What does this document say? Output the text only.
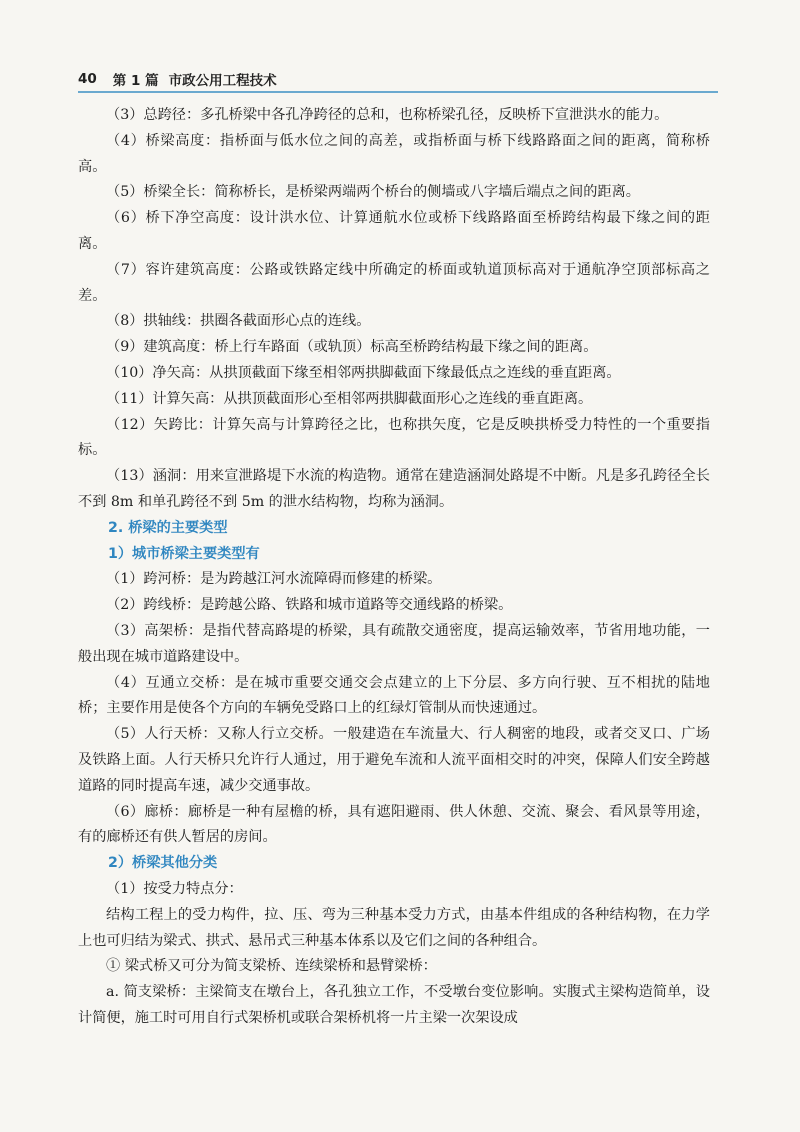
40 第 1 篇 市政公用工程技术

（3）总跨径：多孔桥梁中各孔净跨径的总和，也称桥梁孔径，反映桥下宣泄洪水的能力。

（4）桥梁高度：指桥面与低水位之间的高差，或指桥面与桥下线路路面之间的距离，简称桥高。

（5）桥梁全长：简称桥长，是桥梁两端两个桥台的侧墙或八字墙后端点之间的距离。

（6）桥下净空高度：设计洪水位、计算通航水位或桥下线路路面至桥跨结构最下缘之间的距离。

（7）容许建筑高度：公路或铁路定线中所确定的桥面或轨道顶标高对于通航净空顶部标高之差。

（8）拱轴线：拱圈各截面形心点的连线。

（9）建筑高度：桥上行车路面（或轨顶）标高至桥跨结构最下缘之间的距离。

（10）净矢高：从拱顶截面下缘至相邻两拱脚截面下缘最低点之连线的垂直距离。

（11）计算矢高：从拱顶截面形心至相邻两拱脚截面形心之连线的垂直距离。

（12）矢跨比：计算矢高与计算跨径之比，也称拱矢度，它是反映拱桥受力特性的一个重要指标。

（13）涵洞：用来宣泄路堤下水流的构造物。通常在建造涵洞处路堤不中断。凡是多孔跨径全长不到 8m 和单孔跨径不到 5m 的泄水结构物，均称为涵洞。

2. 桥梁的主要类型

1）城市桥梁主要类型有

（1）跨河桥：是为跨越江河水流障碍而修建的桥梁。

（2）跨线桥：是跨越公路、铁路和城市道路等交通线路的桥梁。

（3）高架桥：是指代替高路堤的桥梁，具有疏散交通密度，提高运输效率，节省用地功能，一般出现在城市道路建设中。

（4）互通立交桥：是在城市重要交通交会点建立的上下分层、多方向行驶、互不相扰的陆地桥；主要作用是使各个方向的车辆免受路口上的红绿灯管制从而快速通过。

（5）人行天桥：又称人行立交桥。一般建造在车流量大、行人稠密的地段，或者交叉口、广场及铁路上面。人行天桥只允许行人通过，用于避免车流和人流平面相交时的冲突，保障人们安全跨越道路的同时提高车速，减少交通事故。

（6）廊桥：廊桥是一种有屋檐的桥，具有遮阳避雨、供人休憩、交流、聚会、看风景等用途，有的廊桥还有供人暂居的房间。

2）桥梁其他分类

（1）按受力特点分：

结构工程上的受力构件，拉、压、弯为三种基本受力方式，由基本件组成的各种结构物，在力学上也可归结为梁式、拱式、悬吊式三种基本体系以及它们之间的各种组合。

① 梁式桥又可分为简支梁桥、连续梁桥和悬臂梁桥：

a. 简支梁桥：主梁简支在墩台上，各孔独立工作，不受墩台变位影响。实腹式主梁构造简单，设计简便，施工时可用自行式架桥机或联合架桥机将一片主梁一次架设成
